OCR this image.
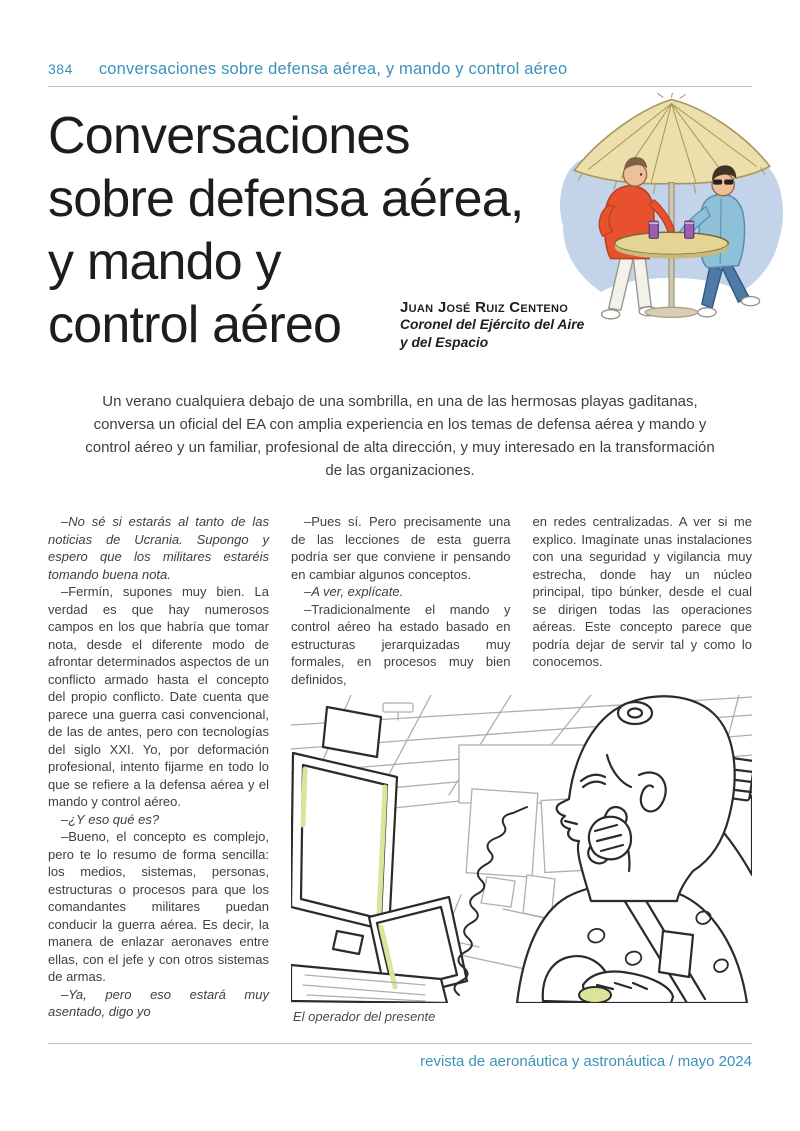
384 conversaciones sobre defensa aérea, y mando y control aéreo
Conversaciones
sobre defensa aérea,
y mando y
control aéreo	Juan José Ruiz Centeno
Coronel del Ejército del Aire
y del Espacio

Un verano cualquiera debajo de una sombrilla, en una de las hermosas playas gaditanas, conversa un oficial del EA con amplia experiencia en los temas de defensa aérea y mando y control aéreo y un familiar, profesional de alta dirección, y muy interesado en la transformación de las organizaciones.

–No sé si estarás al tanto de las noticias de Ucrania. Supongo y espero que los militares estaréis tomando buena nota.

–Fermín, supones muy bien. La verdad es que hay numerosos campos en los que habría que tomar nota, desde el diferente modo de afrontar determinados aspectos de un conflicto armado hasta el concepto del propio conflicto. Date cuenta que parece una guerra casi convencional, de las de antes, pero con tecnologías del siglo XXI. Yo, por deformación profesional, intento fijarme en todo lo que se refiere a la defensa aérea y el mando y control aéreo.

–¿Y eso qué es?

–Bueno, el concepto es complejo, pero te lo resumo de forma sencilla: los medios, sistemas, personas, estructuras o procesos para que los comandantes militares puedan conducir la guerra aérea. Es decir, la manera de enlazar aeronaves entre ellas, con el jefe y con otros sistemas de armas.

–Ya, pero eso estará muy asentado, digo yo

–Pues sí. Pero precisamente una de las lecciones de esta guerra podría ser que conviene ir pensando en cambiar algunos conceptos.

–A ver, explícate.

–Tradicionalmente el mando y control aéreo ha estado basado en estructuras jerarquizadas muy formales, en procesos muy bien definidos,

en redes centralizadas. A ver si me explico. Imagínate unas instalaciones con una seguridad y vigilancia muy estrecha, donde hay un núcleo principal, tipo búnker, desde el cual se dirigen todas las operaciones aéreas. Este concepto parece que podría dejar de servir tal y como lo conocemos.

El operador del presente
revista de aeronáutica y astronáutica / mayo 2024
